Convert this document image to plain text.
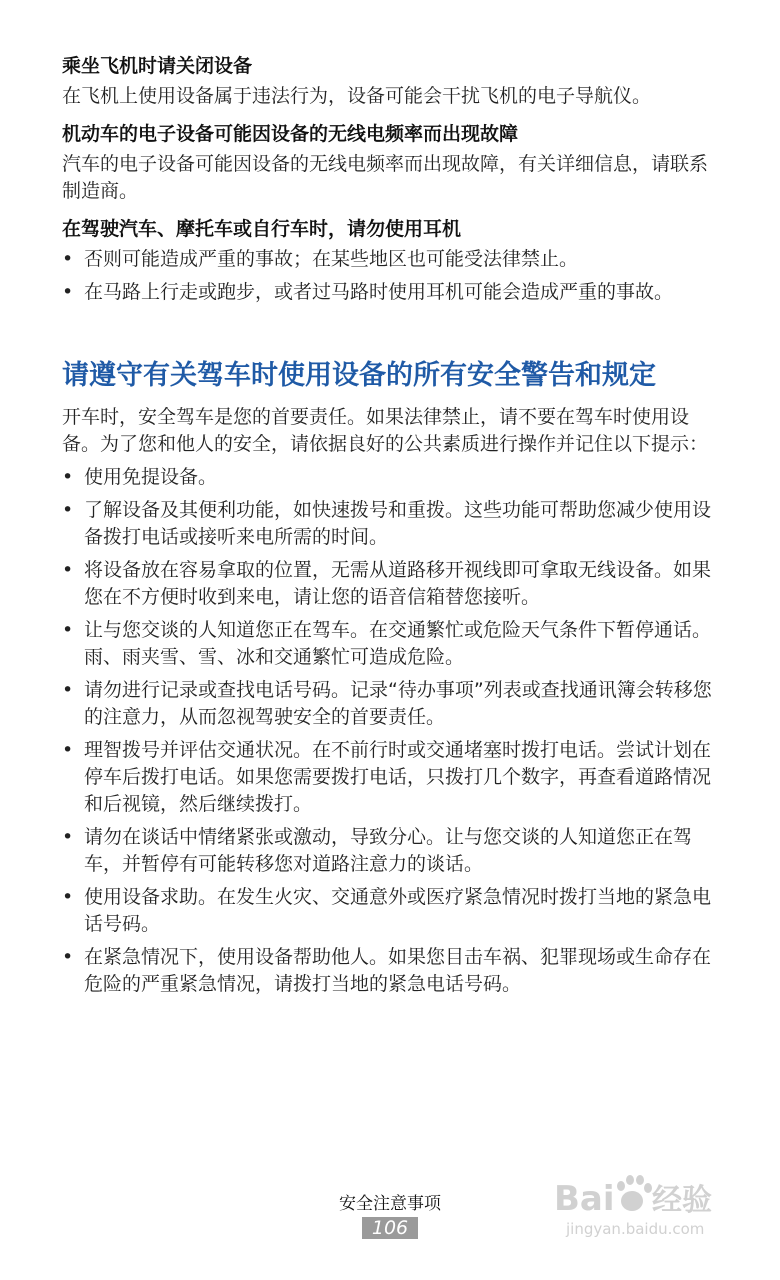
乘坐飞机时请关闭设备
在飞机上使用设备属于违法行为，设备可能会干扰飞机的电子导航仪。
机动车的电子设备可能因设备的无线电频率而出现故障
汽车的电子设备可能因设备的无线电频率而出现故障，有关详细信息，请联系制造商。
在驾驶汽车、摩托车或自行车时，请勿使用耳机
• 否则可能造成严重的事故；在某些地区也可能受法律禁止。
• 在马路上行走或跑步，或者过马路时使用耳机可能会造成严重的事故。
请遵守有关驾车时使用设备的所有安全警告和规定
开车时，安全驾车是您的首要责任。如果法律禁止，请不要在驾车时使用设备。为了您和他人的安全，请依据良好的公共素质进行操作并记住以下提示：
• 使用免提设备。
• 了解设备及其便利功能，如快速拨号和重拨。这些功能可帮助您减少使用设备拨打电话或接听来电所需的时间。
• 将设备放在容易拿取的位置，无需从道路移开视线即可拿取无线设备。如果您在不方便时收到来电，请让您的语音信箱替您接听。
• 让与您交谈的人知道您正在驾车。在交通繁忙或危险天气条件下暂停通话。雨、雨夹雪、雪、冰和交通繁忙可造成危险。
• 请勿进行记录或查找电话号码。记录“待办事项”列表或查找通讯簿会转移您的注意力，从而忽视驾驶安全的首要责任。
• 理智拨号并评估交通状况。在不前行时或交通堵塞时拨打电话。尝试计划在停车后拨打电话。如果您需要拨打电话，只拨打几个数字，再查看道路情况和后视镜，然后继续拨打。
• 请勿在谈话中情绪紧张或激动，导致分心。让与您交谈的人知道您正在驾车，并暂停有可能转移您对道路注意力的谈话。
• 使用设备求助。在发生火灾、交通意外或医疗紧急情况时拨打当地的紧急电话号码。
• 在紧急情况下，使用设备帮助他人。如果您目击车祸、犯罪现场或生命存在危险的严重紧急情况，请拨打当地的紧急电话号码。
安全注意事项
106
Bai 经验
jingyan.baidu.com
